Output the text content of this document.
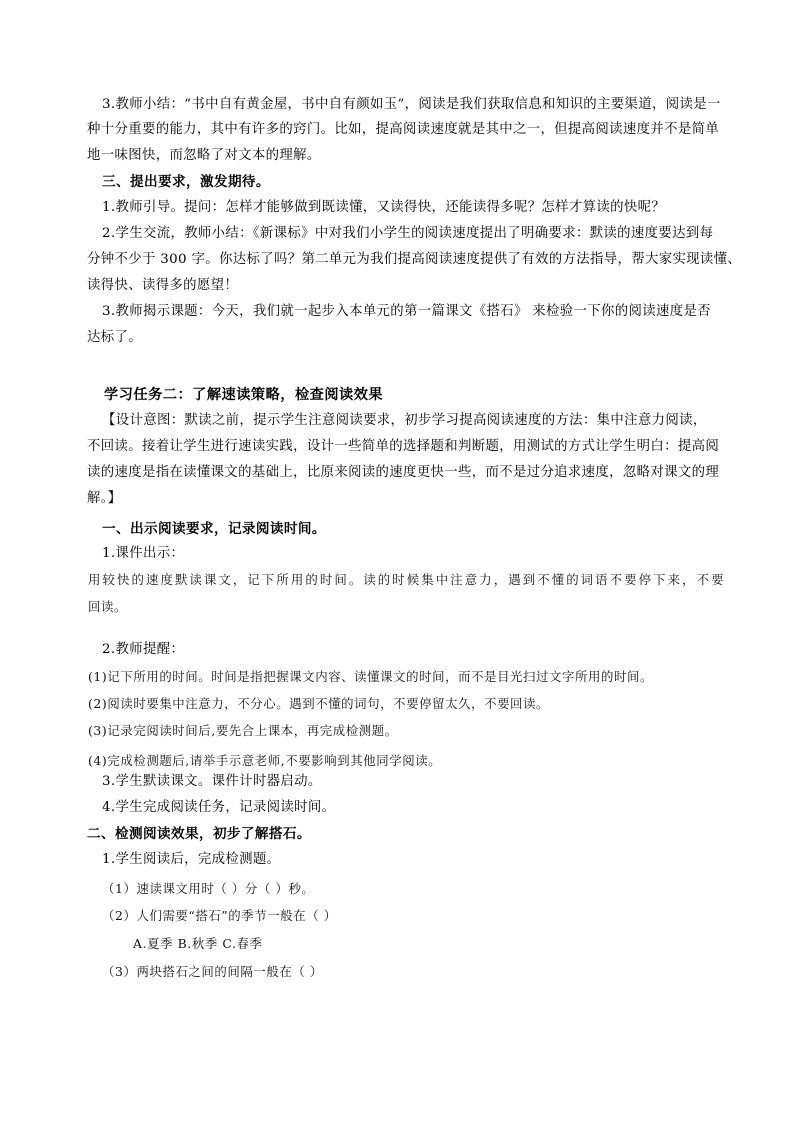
3.教师小结：“书中自有黄金屋，书中自有颜如玉”，阅读是我们获取信息和知识的主要渠道，阅读是一
种十分重要的能力，其中有许多的窍门。比如，提高阅读速度就是其中之一，但提高阅读速度并不是简单
地一味图快，而忽略了对文本的理解。
三、提出要求，激发期待。
1.教师引导。提问：怎样才能够做到既读懂，又读得快，还能读得多呢？怎样才算读的快呢？
2.学生交流，教师小结：《新课标》中对我们小学生的阅读速度提出了明确要求：默读的速度要达到每
分钟不少于 300 字。你达标了吗？第二单元为我们提高阅读速度提供了有效的方法指导，帮大家实现读懂、
读得快、读得多的愿望！
3.教师揭示课题：今天，我们就一起步入本单元的第一篇课文《搭石》 来检验一下你的阅读速度是否
达标了。
学习任务二：了解速读策略，检查阅读效果
【设计意图：默读之前，提示学生注意阅读要求，初步学习提高阅读速度的方法：集中注意力阅读，
不回读。接着让学生进行速读实践，设计一些简单的选择题和判断题，用测试的方式让学生明白：提高阅
读的速度是指在读懂课文的基础上，比原来阅读的速度更快一些，而不是过分追求速度，忽略对课文的理
解。】
一、出示阅读要求，记录阅读时间。
1.课件出示：
用较快的速度默读课文，记下所用的时间。读的时候集中注意力，遇到不懂的词语不要停下来，不要
回读。
2.教师提醒：
(1)记下所用的时间。时间是指把握课文内容、读懂课文的时间，而不是目光扫过文字所用的时间。
(2)阅读时要集中注意力，不分心。遇到不懂的词句，不要停留太久，不要回读。
(3)记录完阅读时间后,要先合上课本，再完成检测题。
(4)完成检测题后,请举手示意老师,不要影响到其他同学阅读。
3.学生默读课文。课件计时器启动。
4.学生完成阅读任务，记录阅读时间。
二、检测阅读效果，初步了解搭石。
1.学生阅读后，完成检测题。
（1）速读课文用时（ ）分（ ）秒。
（2）人们需要“搭石”的季节一般在（ ）
A.夏季 B.秋季 C.春季
（3）两块搭石之间的间隔一般在（ ）
